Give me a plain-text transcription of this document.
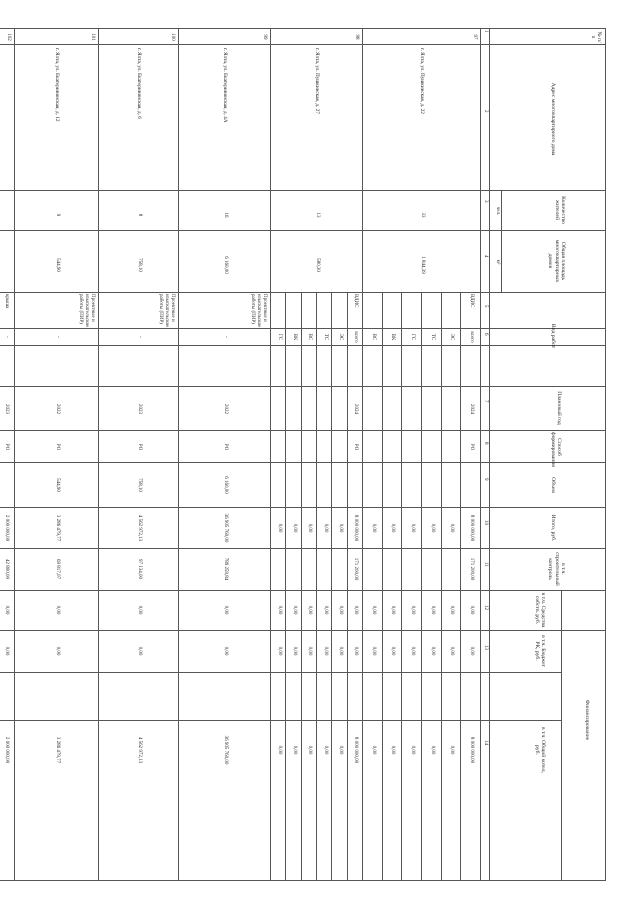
№ п/п
Адрес многоквартирного дома
Количество жителей
чел.
Общая площадь многоквартирных домов
м²
Вид работ
Плановый год
Способ формирования
Объем
Итого, руб.
в т.ч. строительный контроль
Финансирование
в т.ч. Средства собств. руб.
в т.ч. Бюджет РК, руб.
в т.ч. Общий котел, руб.
1
2
3
4
5
6
7
8
9
10
11
12
13
14
97
г. Ялта, ул. Пушкинская, д. 22
33
1 844,39
ВДИС
всего
2024
РО
8 000 000,00
171 200,00
0,00
0,00
8 000 000,00
ЭС
0,00
0,00
0,00
0,00
ТС
0,00
0,00
0,00
0,00
ГС
0,00
0,00
0,00
0,00
ВК
0,00
0,00
0,00
0,00
ВС
0,00
0,00
0,00
0,00
98
г. Ялта, ул. Пушкинская, д. 27
13
580,30
ВДИС
всего
2024
РО
8 000 000,00
171 200,00
0,00
0,00
8 000 000,00
ЭС
0,00
0,00
0,00
0,00
ТС
0,00
0,00
0,00
0,00
ВС
0,00
0,00
0,00
0,00
ВК
0,00
0,00
0,00
0,00
ГС
0,00
0,00
0,00
0,00
99
г. Ялта, ул. Екатерининская, д. 4А
16
6 160,00
Проектные и изыскательские работы (ПИР)
-
2022
РО
6 160,00
36 905 760,00
789 259,84
0,00
0,00
36 905 760,00
100
г. Ялта, ул. Екатерининская, д. 6
8
758,10
Проектные и изыскательские работы (ПИР)
-
2023
РО
758,10
4 562 972,13
97 134,00
0,00
0,00
4 562 972,13
101
г. Ялта, ул. Екатерининская, д. 12
9
544,90
Проектные и изыскательские работы (ПИР)
-
2022
РО
544,90
3 286 479,77
69 817,07
0,00
0,00
3 286 479,77
102
крыша
-
2023
РО
2 000 000,00
42 800,00
0,00
0,00
2 000 000,00
